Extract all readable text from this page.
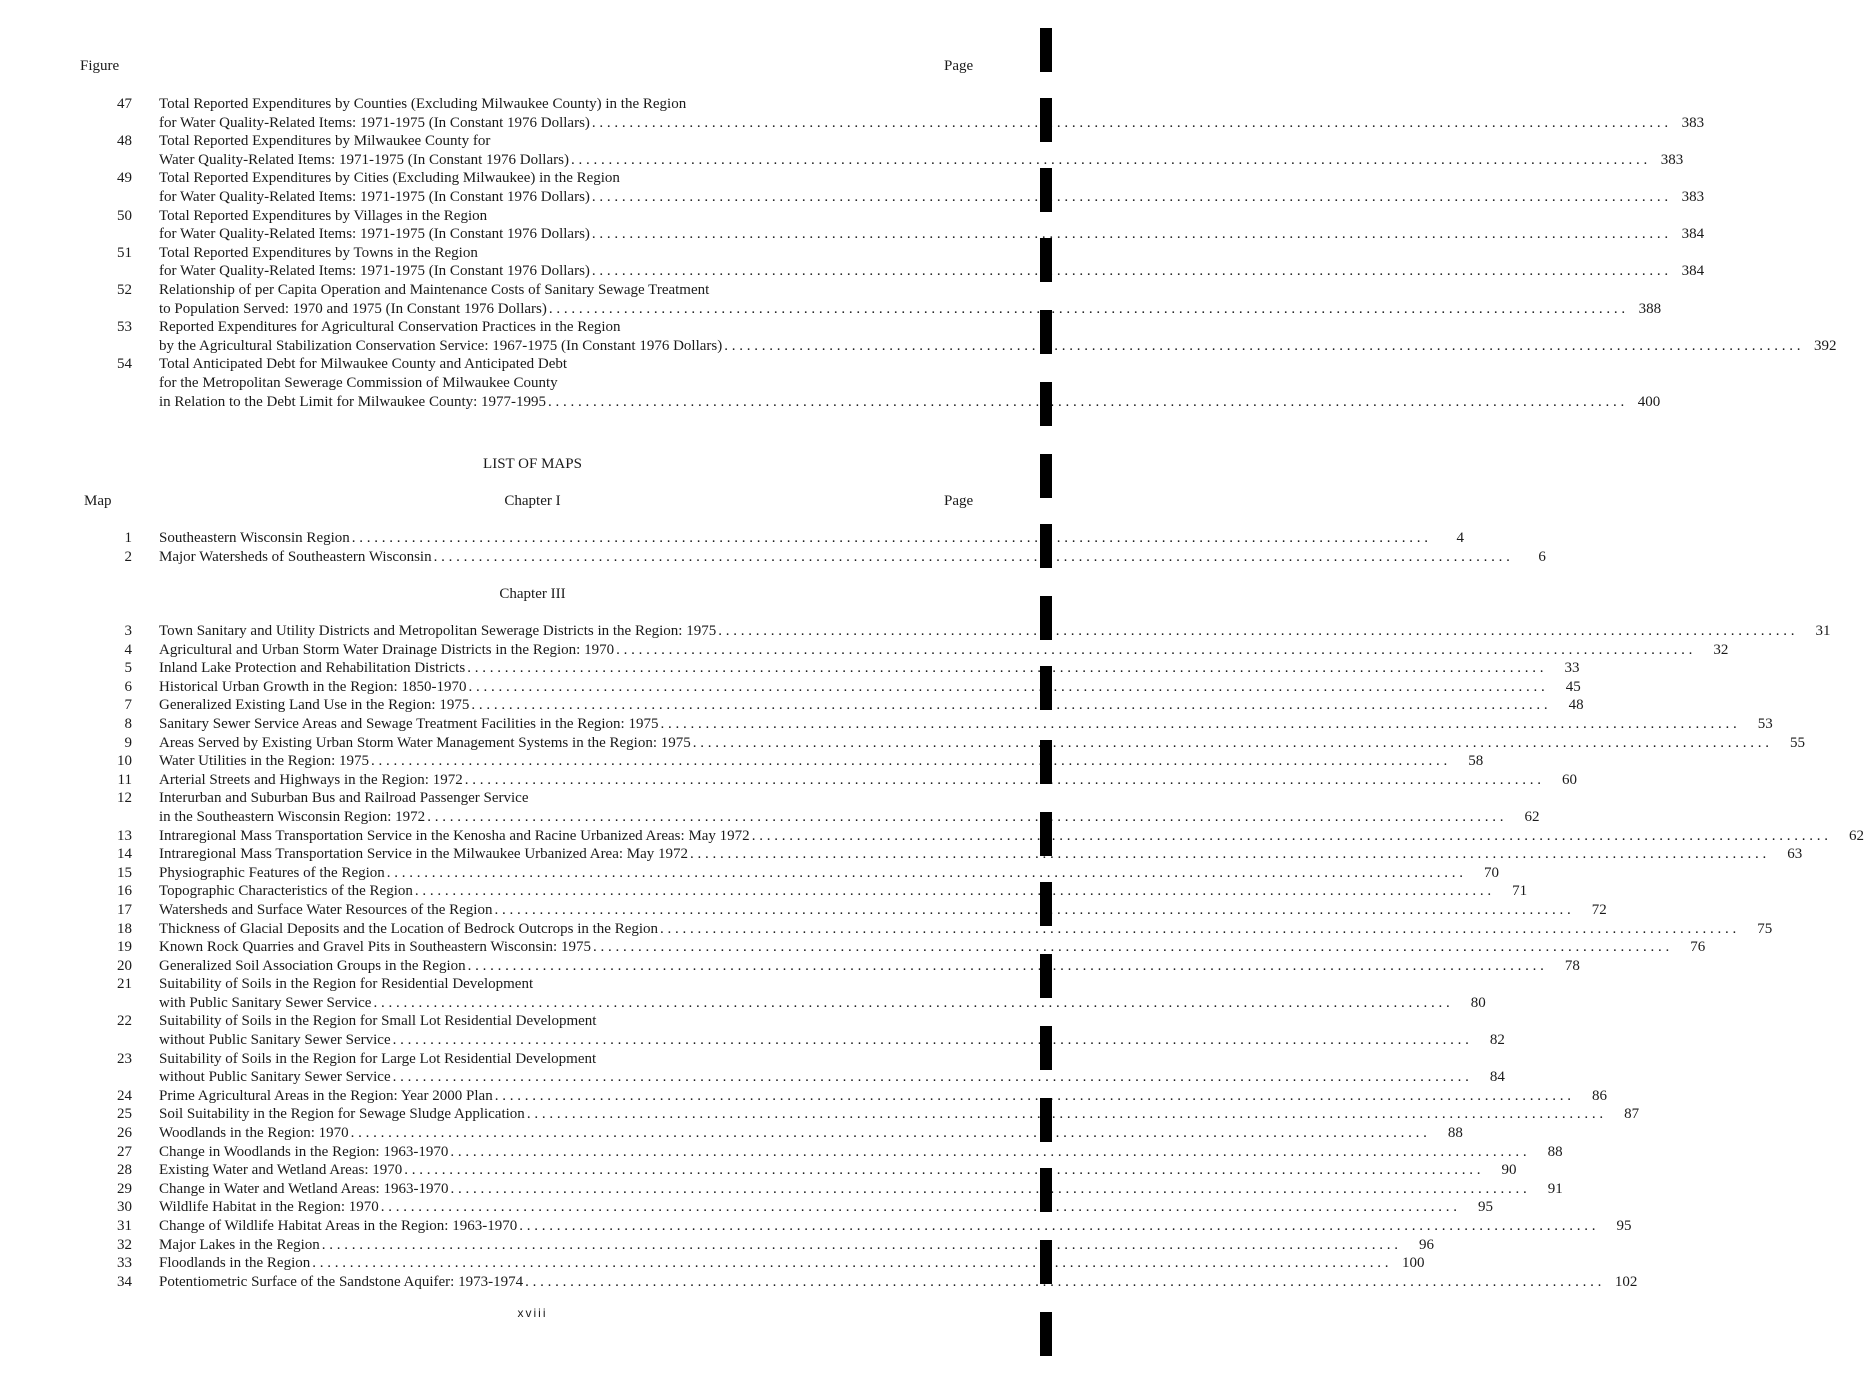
Figure	Page
47 Total Reported Expenditures by Counties (Excluding Milwaukee County) in the Region
for Water Quality-Related Items: 1971-1975 (In Constant 1976 Dollars) . . .	383
48 Total Reported Expenditures by Milwaukee County for
Water Quality-Related Items: 1971-1975 (In Constant 1976 Dollars) . . .	383
49 Total Reported Expenditures by Cities (Excluding Milwaukee) in the Region
for Water Quality-Related Items: 1971-1975 (In Constant 1976 Dollars) . . .	383
50 Total Reported Expenditures by Villages in the Region
for Water Quality-Related Items: 1971-1975 (In Constant 1976 Dollars) . . .	384
51 Total Reported Expenditures by Towns in the Region
for Water Quality-Related Items: 1971-1975 (In Constant 1976 Dollars) . . .	384
52 Relationship of per Capita Operation and Maintenance Costs of Sanitary Sewage Treatment
to Population Served: 1970 and 1975 (In Constant 1976 Dollars) . . .	388
53 Reported Expenditures for Agricultural Conservation Practices in the Region
by the Agricultural Stabilization Conservation Service: 1967-1975 (In Constant 1976 Dollars) . . .	392
54 Total Anticipated Debt for Milwaukee County and Anticipated Debt
for the Metropolitan Sewerage Commission of Milwaukee County
in Relation to the Debt Limit for Milwaukee County: 1977-1995 . . .	400
LIST OF MAPS
Map	Chapter I	Page
1 Southeastern Wisconsin Region . . .	4
2 Major Watersheds of Southeastern Wisconsin . . .	6
Chapter III
3 Town Sanitary and Utility Districts and Metropolitan Sewerage Districts in the Region: 1975 . . .	31
4 Agricultural and Urban Storm Water Drainage Districts in the Region: 1970 . . .	32
5 Inland Lake Protection and Rehabilitation Districts . . .	33
6 Historical Urban Growth in the Region: 1850-1970 . . .	45
7 Generalized Existing Land Use in the Region: 1975 . . .	48
8 Sanitary Sewer Service Areas and Sewage Treatment Facilities in the Region: 1975 . . .	53
9 Areas Served by Existing Urban Storm Water Management Systems in the Region: 1975 . . .	55
10 Water Utilities in the Region: 1975 . . .	58
11 Arterial Streets and Highways in the Region: 1972 . . .	60
12 Interurban and Suburban Bus and Railroad Passenger Service
in the Southeastern Wisconsin Region: 1972 . . .	62
13 Intraregional Mass Transportation Service in the Kenosha and Racine Urbanized Areas: May 1972 . . .	62
14 Intraregional Mass Transportation Service in the Milwaukee Urbanized Area: May 1972 . . .	63
15 Physiographic Features of the Region . . .	70
16 Topographic Characteristics of the Region . . .	71
17 Watersheds and Surface Water Resources of the Region . . .	72
18 Thickness of Glacial Deposits and the Location of Bedrock Outcrops in the Region . . .	75
19 Known Rock Quarries and Gravel Pits in Southeastern Wisconsin: 1975 . . .	76
20 Generalized Soil Association Groups in the Region . . .	78
21 Suitability of Soils in the Region for Residential Development
with Public Sanitary Sewer Service . . .	80
22 Suitability of Soils in the Region for Small Lot Residential Development
without Public Sanitary Sewer Service . . .	82
23 Suitability of Soils in the Region for Large Lot Residential Development
without Public Sanitary Sewer Service . . .	84
24 Prime Agricultural Areas in the Region: Year 2000 Plan . . .	86
25 Soil Suitability in the Region for Sewage Sludge Application . . .	87
26 Woodlands in the Region: 1970 . . .	88
27 Change in Woodlands in the Region: 1963-1970 . . .	88
28 Existing Water and Wetland Areas: 1970 . . .	90
29 Change in Water and Wetland Areas: 1963-1970 . . .	91
30 Wildlife Habitat in the Region: 1970 . . .	95
31 Change of Wildlife Habitat Areas in the Region: 1963-1970 . . .	95
32 Major Lakes in the Region . . .	96
33 Floodlands in the Region . . .	100
34 Potentiometric Surface of the Sandstone Aquifer: 1973-1974 . . .	102
xviii
